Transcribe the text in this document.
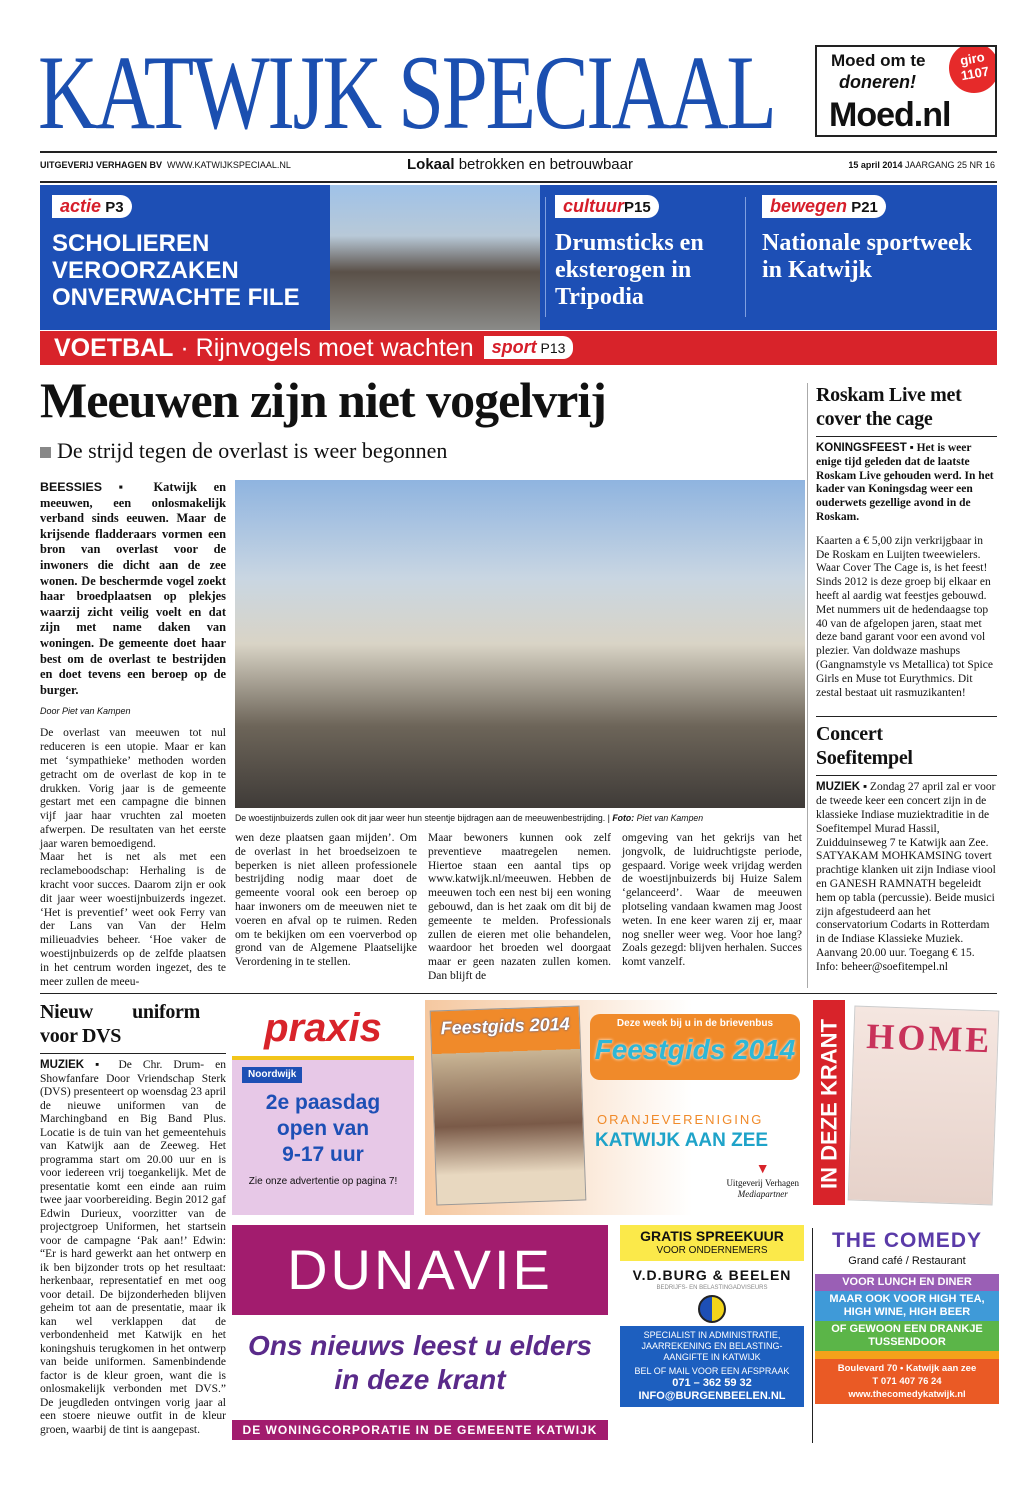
KATWIJK SPECIAAL	Moed om te
doneren!
Moed.nl
giro 1107
UITGEVERIJ VERHAGEN BV WWW.KATWIJKSPECIAAL.NL	Lokaal betrokken en betrouwbaar	15 april 2014 JAARGANG 25 NR 16
actie P3
SCHOLIEREN VEROORZAKEN ONVERWACHTE FILE
cultuurP15
Drumsticks en eksterogen in Tripodia
bewegen P21
Nationale sportweek in Katwijk
VOETBAL · Rijnvogels moet wachten sport P13
Meeuwen zijn niet vogelvrij
De strijd tegen de overlast is weer begonnen

BEESSIES ▪ Katwijk en meeuwen, een onlosmakelijk verband sinds eeuwen. Maar de krijsende fladderaars vormen een bron van overlast voor de inwoners die dicht aan de zee wonen. De beschermde vogel zoekt haar broedplaatsen op plekjes waarzij zicht veilig voelt en dat zijn met name daken van woningen. De gemeente doet haar best om de overlast te bestrijden en doet tevens een beroep op de burger.

Door Piet van Kampen

De overlast van meeuwen tot nul reduceren is een utopie. Maar er kan met ‘sympathieke’ methoden worden getracht om de overlast de kop in te drukken. Vorig jaar is de gemeente gestart met een campagne die binnen vijf jaar haar vruchten zal moeten afwerpen. De resultaten van het eerste jaar waren bemoedigend.

Maar het is net als met een reclameboodschap: Herhaling is de kracht voor succes. Daarom zijn er ook dit jaar weer woestijnbuizerds ingezet. ‘Het is preventief’ weet ook Ferry van der Lans van Van der Helm milieuadvies beheer. ‘Hoe vaker de woestijnbuizerds op de zelfde plaatsen in het centrum worden ingezet, des te meer zullen de meeu-

De woestijnbuizerds zullen ook dit jaar weer hun steentje bijdragen aan de meeuwenbestrijding. | Foto: Piet van Kampen
wen deze plaatsen gaan mijden’. Om de overlast in het broedseizoen te beperken is niet alleen professionele bestrijding nodig maar doet de gemeente vooral ook een beroep op haar inwoners om de meeuwen niet te voeren en afval op te ruimen. Reden om te bekijken om een voerverbod op grond van de Algemene Plaatselijke Verordening in te stellen.
Maar bewoners kunnen ook zelf preventieve maatregelen nemen. Hiertoe staan een aantal tips op www.katwijk.nl/meeuwen. Hebben de meeuwen toch een nest bij een woning gebouwd, dan is het zaak om dit bij de gemeente te melden. Professionals zullen de eieren met olie behandelen, waardoor het broeden wel doorgaat maar er geen nazaten zullen komen. Dan blijft de
omgeving van het gekrijs van het jongvolk, de luidruchtigste periode, gespaard. Vorige week vrijdag werden de woestijnbuizerds bij Huize Salem ‘gelanceerd’. Waar de meeuwen plotseling vandaan kwamen mag Joost weten. In ene keer waren zij er, maar nog sneller weer weg. Voor hoe lang? Zoals gezegd: blijven herhalen. Succes komt vanzelf.
Roskam Live met cover the cage

KONINGSFEEST ▪ Het is weer enige tijd geleden dat de laatste Roskam Live gehouden werd. In het kader van Koningsdag weer een ouderwets gezellige avond in de Roskam.

Kaarten a € 5,00 zijn verkrijgbaar in De Roskam en Luijten tweewielers. Waar Cover The Cage is, is het feest! Sinds 2012 is deze groep bij elkaar en heeft al aardig wat feestjes gebouwd. Met nummers uit de hedendaagse top 40 van de afgelopen jaren, staat met deze band garant voor een avond vol plezier. Van doldwaze mashups (Gangnamstyle vs Metallica) tot Spice Girls en Muse tot Eurythmics. Dit zestal bestaat uit rasmuzikanten!

Concert Soefitempel
MUZIEK ▪ Zondag 27 april zal er voor de tweede keer een concert zijn in de klassieke Indiase muziektraditie in de Soefitempel Murad Hassil, Zuidduinseweg 7 te Katwijk aan Zee. SATYAKAM MOHKAMSING tovert prachtige klanken uit zijn Indiase viool en GANESH RAMNATH begeleidt hem op tabla (percussie). Beide musici zijn afgestudeerd aan het conservatorium Codarts in Rotterdam in de Indiase Klassieke Muziek. Aanvang 20.00 uur. Toegang € 15. Info: beheer@soefitempel.nl
Nieuw uniform voor DVS

MUZIEK ▪ De Chr. Drum- en Showfanfare Door Vriendschap Sterk (DVS) presenteert op woensdag 23 april de nieuwe uniformen van de Marchingband en Big Band Plus. Locatie is de tuin van het gemeentehuis van Katwijk aan de Zeeweg. Het programma start om 20.00 uur en is voor iedereen vrij toegankelijk. Met de presentatie komt een einde aan ruim twee jaar voorbereiding. Begin 2012 gaf Edwin Durieux, voorzitter van de projectgroep Uniformen, het startsein voor de campagne ‘Pak aan!’ Edwin: “Er is hard gewerkt aan het ontwerp en ik ben bijzonder trots op het resultaat: herkenbaar, representatief en met oog voor detail. De bijzonderheden blijven geheim tot aan de presentatie, maar ik kan wel verklappen dat de verbondenheid met Katwijk en het koningshuis terugkomen in het ontwerp van beide uniformen. Samenbindende factor is de kleur groen, want die is onlosmakelijk verbonden met DVS.” De jeugdleden ontvingen vorig jaar al een stoere nieuwe outfit in de kleur groen, waarbij de tint is aangepast.

praxis
Noordwijk
2e paasdag
open van
9-17 uur
Zie onze advertentie op pagina 7!
Feestgids 2014	Deze week bij u in de brievenbus
Feestgids 2014
ORANJEVERENIGING
KATWIJK AAN ZEE
▼
Uitgeverij Verhagen
Mediapartner
IN DEZE KRANT HOME
DUNAVIE
Ons nieuws leest u elders in deze krant
DE WONINGCORPORATIE IN DE GEMEENTE KATWIJK
GRATIS SPREEKUUR
VOOR ONDERNEMERS
V.D.BURG & BEELEN
BEDRIJFS- EN BELASTINGADVISEURS
SPECIALIST IN ADMINISTRATIE, JAARREKENING EN BELASTING-AANGIFTE IN KATWIJK
BEL OF MAIL VOOR EEN AFSPRAAK
071 – 362 59 32
INFO@BURGENBEELEN.NL
THE COMEDY
Grand café / Restaurant
VOOR LUNCH EN DINER
MAAR OOK VOOR HIGH TEA, HIGH WINE, HIGH BEER
OF GEWOON EEN DRANKJE TUSSENDOOR
Boulevard 70 • Katwijk aan zee
T 071 407 76 24
www.thecomedykatwijk.nl
